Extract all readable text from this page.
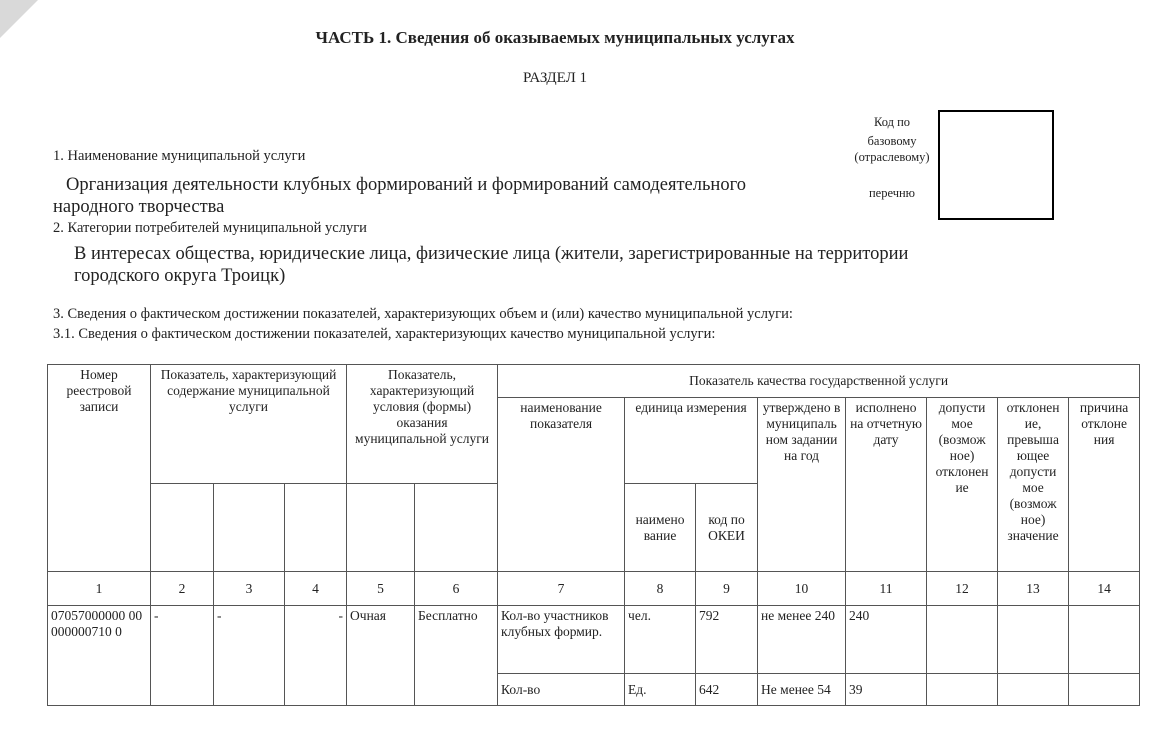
ЧАСТЬ 1. Сведения об оказываемых муниципальных услугах
РАЗДЕЛ 1
Код по
базовому
(отраслевому)
перечню
1. Наименование муниципальной услуги
Организация деятельности клубных формирований и формирований самодеятельного
народного творчества
2. Категории потребителей муниципальной услуги
В интересах общества, юридические лица, физические лица (жители, зарегистрированные на территории
городского округа Троицк)
3. Сведения о фактическом достижении показателей, характеризующих объем и (или) качество муниципальной услуги:
3.1. Сведения о фактическом достижении показателей, характеризующих качество муниципальной услуги:
Номер реестровой записи	Показатель, характеризующий содержание муниципальной услуги			Показатель, характеризующий условия (формы) оказания муниципальной услуги		Показатель качества государственной услуги							
						наименование показателя	единица измерения		утверждено в муниципаль ном задании на год	исполнено на отчетную дату	допусти мое (возмож ное) отклонен ие	отклонен ие, превыша ющее допусти мое (возмож ное) значение	причина отклоне ния
							наимено вание	код по ОКЕИ					
1	2	3	4	5	6	7	8	9	10	11	12	13	14
07057000000 00000000710 0	-	-	-	Очная	Бесплатно	Кол-во участников клубных формир.	чел.	792	не менее 240	240			
						Кол-во	Ед.	642	Не менее 54	39			
